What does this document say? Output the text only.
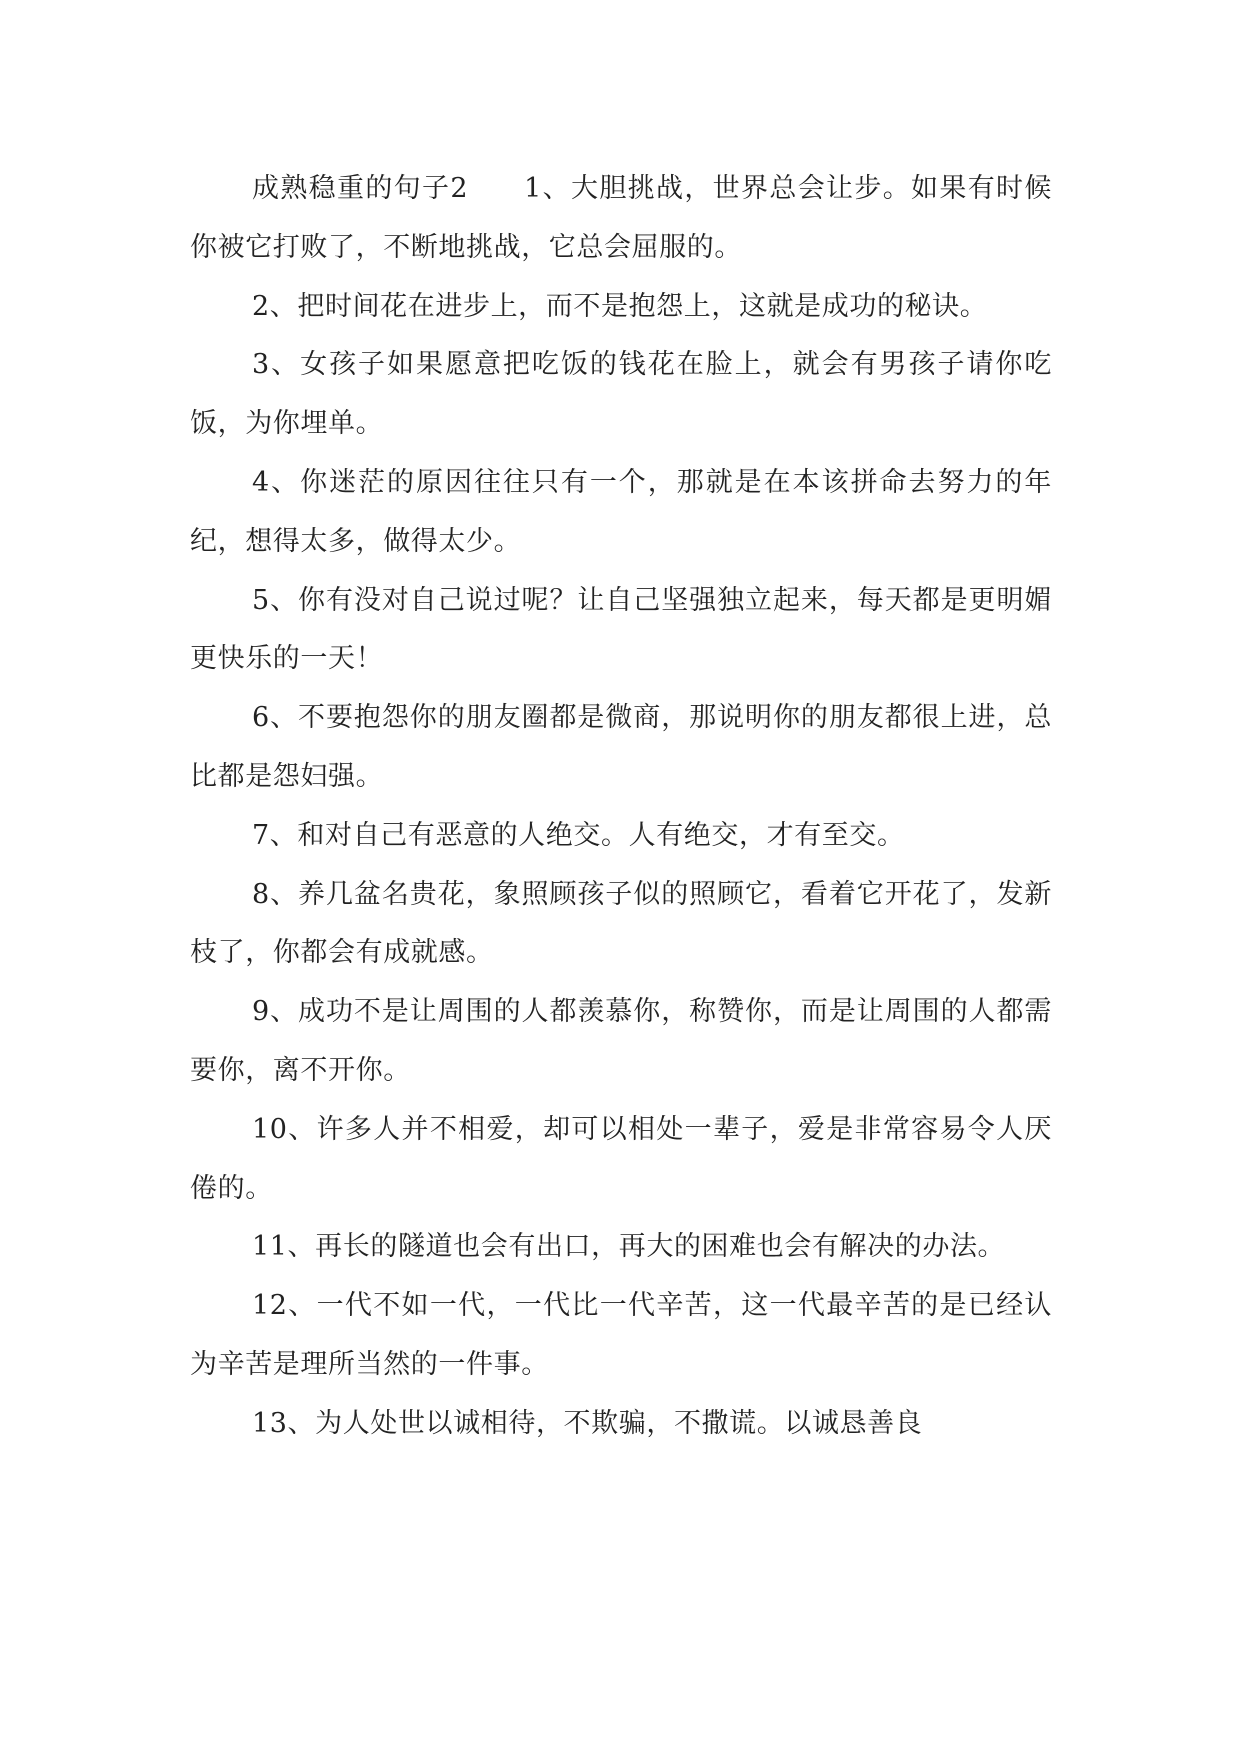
成熟稳重的句子2 1、大胆挑战，世界总会让步。如果有时候你被它打败了，不断地挑战，它总会屈服的。

2、把时间花在进步上，而不是抱怨上，这就是成功的秘诀。

3、女孩子如果愿意把吃饭的钱花在脸上，就会有男孩子请你吃饭，为你埋单。

4、你迷茫的原因往往只有一个，那就是在本该拼命去努力的年纪，想得太多，做得太少。

5、你有没对自己说过呢？让自己坚强独立起来，每天都是更明媚更快乐的一天！

6、不要抱怨你的朋友圈都是微商，那说明你的朋友都很上进，总比都是怨妇强。

7、和对自己有恶意的人绝交。人有绝交，才有至交。

8、养几盆名贵花，象照顾孩子似的照顾它，看着它开花了，发新枝了，你都会有成就感。

9、成功不是让周围的人都羡慕你，称赞你，而是让周围的人都需要你，离不开你。

10、许多人并不相爱，却可以相处一辈子，爱是非常容易令人厌倦的。

11、再长的隧道也会有出口，再大的困难也会有解决的办法。

12、一代不如一代，一代比一代辛苦，这一代最辛苦的是已经认为辛苦是理所当然的一件事。

13、为人处世以诚相待，不欺骗，不撒谎。以诚恳善良
